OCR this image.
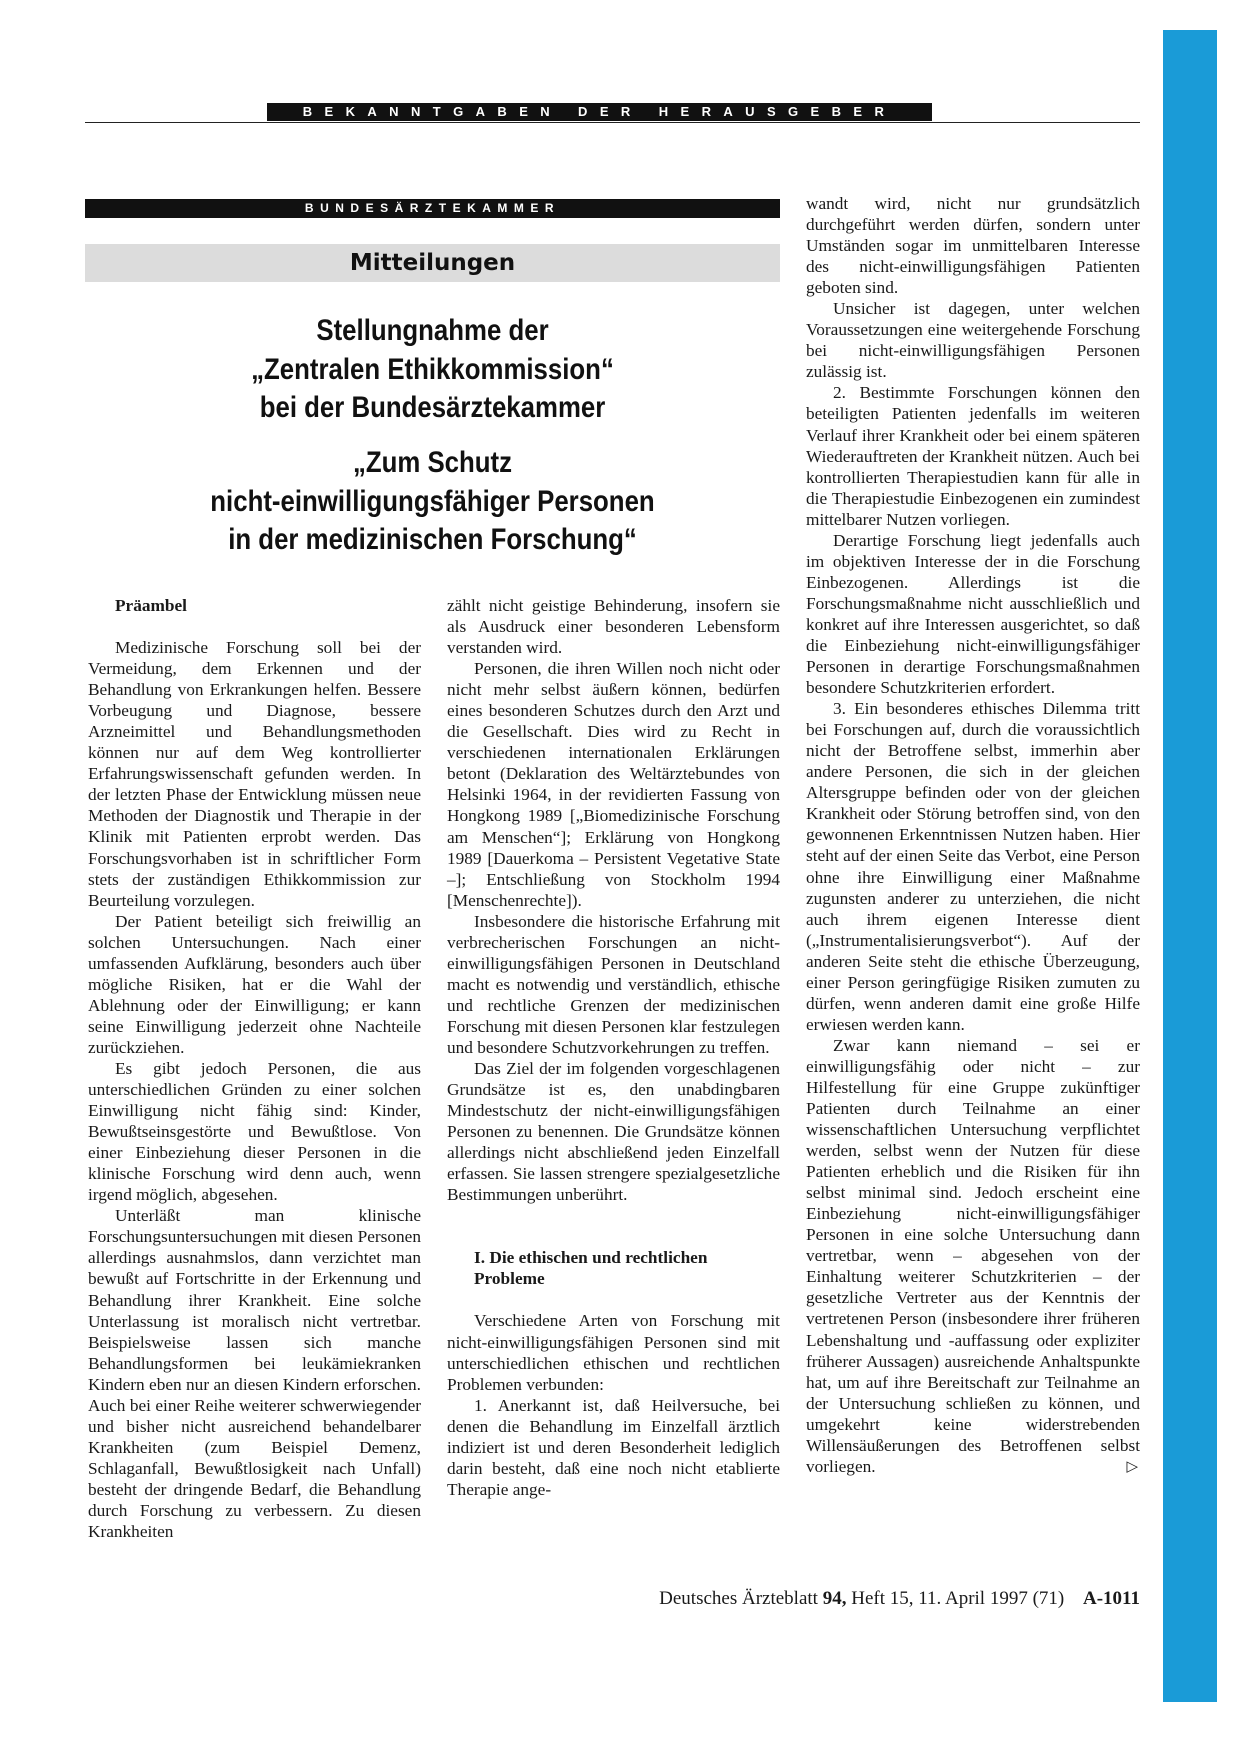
BEKANNTGABEN DER HERAUSGEBER
BUNDESÄRZTEKAMMER
Mitteilungen
Stellungnahme der
„Zentralen Ethikkommission“
bei der Bundesärztekammer
„Zum Schutz
nicht-einwilligungsfähiger Personen
in der medizinischen Forschung“
Präambel

Medizinische Forschung soll bei der Vermeidung, dem Erkennen und der Behandlung von Erkrankungen helfen. Bessere Vorbeugung und Diagnose, bessere Arzneimittel und Behandlungsmethoden können nur auf dem Weg kontrollierter Erfahrungswissenschaft gefunden werden. In der letzten Phase der Entwicklung müssen neue Methoden der Diagnostik und Therapie in der Klinik mit Patienten erprobt werden. Das Forschungsvorhaben ist in schriftlicher Form stets der zuständigen Ethikkommission zur Beurteilung vorzulegen.

Der Patient beteiligt sich freiwillig an solchen Untersuchungen. Nach einer umfassenden Aufklärung, besonders auch über mögliche Risiken, hat er die Wahl der Ablehnung oder der Einwilligung; er kann seine Einwilligung jederzeit ohne Nachteile zurückziehen.

Es gibt jedoch Personen, die aus unterschiedlichen Gründen zu einer solchen Einwilligung nicht fähig sind: Kinder, Bewußtseinsgestörte und Bewußtlose. Von einer Einbeziehung dieser Personen in die klinische Forschung wird denn auch, wenn irgend möglich, abgesehen.

Unterläßt man klinische Forschungsuntersuchungen mit diesen Personen allerdings ausnahmslos, dann verzichtet man bewußt auf Fortschritte in der Erkennung und Behandlung ihrer Krankheit. Eine solche Unterlassung ist moralisch nicht vertretbar. Beispielsweise lassen sich manche Behandlungsformen bei leukämiekranken Kindern eben nur an diesen Kindern erforschen. Auch bei einer Reihe weiterer schwerwiegender und bisher nicht ausreichend behandelbarer Krankheiten (zum Beispiel Demenz, Schlaganfall, Bewußtlosigkeit nach Unfall) besteht der dringende Bedarf, die Behandlung durch Forschung zu verbessern. Zu diesen Krankheiten

zählt nicht geistige Behinderung, insofern sie als Ausdruck einer besonderen Lebensform verstanden wird.

Personen, die ihren Willen noch nicht oder nicht mehr selbst äußern können, bedürfen eines besonderen Schutzes durch den Arzt und die Gesellschaft. Dies wird zu Recht in verschiedenen internationalen Erklärungen betont (Deklaration des Weltärztebundes von Helsinki 1964, in der revidierten Fassung von Hongkong 1989 [„Biomedizinische Forschung am Menschen“]; Erklärung von Hongkong 1989 [Dauerkoma – Persistent Vegetative State –]; Entschließung von Stockholm 1994 [Menschenrechte]).

Insbesondere die historische Erfahrung mit verbrecherischen Forschungen an nicht-einwilligungsfähigen Personen in Deutschland macht es notwendig und verständlich, ethische und rechtliche Grenzen der medizinischen Forschung mit diesen Personen klar festzulegen und besondere Schutzvorkehrungen zu treffen.

Das Ziel der im folgenden vorgeschlagenen Grundsätze ist es, den unabdingbaren Mindestschutz der nicht-einwilligungsfähigen Personen zu benennen. Die Grundsätze können allerdings nicht abschließend jeden Einzelfall erfassen. Sie lassen strengere spezialgesetzliche Bestimmungen unberührt.

I. Die ethischen und rechtlichen Probleme

Verschiedene Arten von Forschung mit nicht-einwilligungsfähigen Personen sind mit unterschiedlichen ethischen und rechtlichen Problemen verbunden:

1. Anerkannt ist, daß Heilversuche, bei denen die Behandlung im Einzelfall ärztlich indiziert ist und deren Besonderheit lediglich darin besteht, daß eine noch nicht etablierte Therapie ange-

wandt wird, nicht nur grundsätzlich durchgeführt werden dürfen, sondern unter Umständen sogar im unmittelbaren Interesse des nicht-einwilligungsfähigen Patienten geboten sind.

Unsicher ist dagegen, unter welchen Voraussetzungen eine weitergehende Forschung bei nicht-einwilligungsfähigen Personen zulässig ist.

2. Bestimmte Forschungen können den beteiligten Patienten jedenfalls im weiteren Verlauf ihrer Krankheit oder bei einem späteren Wiederauftreten der Krankheit nützen. Auch bei kontrollierten Therapiestudien kann für alle in die Therapiestudie Einbezogenen ein zumindest mittelbarer Nutzen vorliegen.

Derartige Forschung liegt jedenfalls auch im objektiven Interesse der in die Forschung Einbezogenen. Allerdings ist die Forschungsmaßnahme nicht ausschließlich und konkret auf ihre Interessen ausgerichtet, so daß die Einbeziehung nicht-einwilligungsfähiger Personen in derartige Forschungsmaßnahmen besondere Schutzkriterien erfordert.

3. Ein besonderes ethisches Dilemma tritt bei Forschungen auf, durch die voraussichtlich nicht der Betroffene selbst, immerhin aber andere Personen, die sich in der gleichen Altersgruppe befinden oder von der gleichen Krankheit oder Störung betroffen sind, von den gewonnenen Erkenntnissen Nutzen haben. Hier steht auf der einen Seite das Verbot, eine Person ohne ihre Einwilligung einer Maßnahme zugunsten anderer zu unterziehen, die nicht auch ihrem eigenen Interesse dient („Instrumentalisierungsverbot“). Auf der anderen Seite steht die ethische Überzeugung, einer Person geringfügige Risiken zumuten zu dürfen, wenn anderen damit eine große Hilfe erwiesen werden kann.

Zwar kann niemand – sei er einwilligungsfähig oder nicht – zur Hilfestellung für eine Gruppe zukünftiger Patienten durch Teilnahme an einer wissenschaftlichen Untersuchung verpflichtet werden, selbst wenn der Nutzen für diese Patienten erheblich und die Risiken für ihn selbst minimal sind. Jedoch erscheint eine Einbeziehung nicht-einwilligungsfähiger Personen in eine solche Untersuchung dann vertretbar, wenn – abgesehen von der Einhaltung weiterer Schutzkriterien – der gesetzliche Vertreter aus der Kenntnis der vertretenen Person (insbesondere ihrer früheren Lebenshaltung und -auffassung oder expliziter früherer Aussagen) ausreichende Anhaltspunkte hat, um auf ihre Bereitschaft zur Teilnahme an der Untersuchung schließen zu können, und umgekehrt keine widerstrebenden Willensäußerungen des Betroffenen selbst vorliegen.	▷

Deutsches Ärzteblatt 94, Heft 15, 11. April 1997 (71) A-1011
